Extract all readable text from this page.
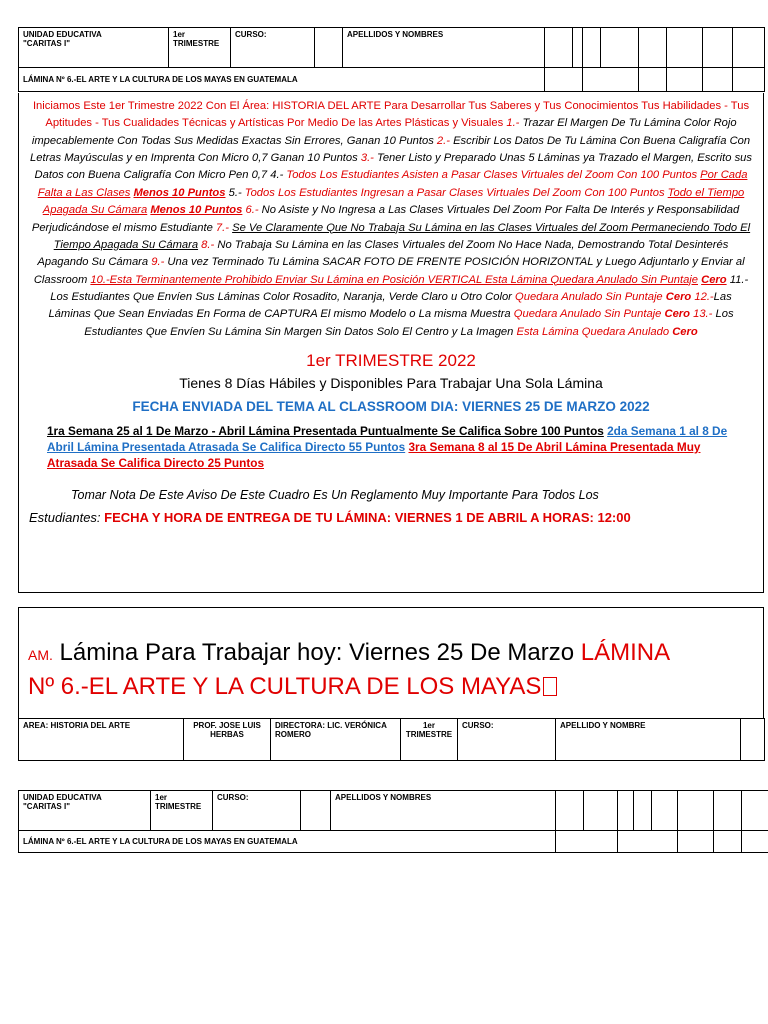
UNIDAD EDUCATIVA
"CARITAS I"	1er TRIMESTRE	CURSO:		APELLIDOS Y NOMBRES								
LÁMINA Nº 6.-EL ARTE Y LA CULTURA DE LOS MAYAS EN GUATEMALA												
Iniciamos Este 1er Trimestre 2022 Con El Área: HISTORIA DEL ARTE Para Desarrollar Tus Saberes y Tus Conocimientos Tus Habilidades - Tus Aptitudes - Tus Cualidades Técnicas y Artísticas Por Medio De las Artes Plásticas y Visuales 1.- Trazar El Margen De Tu Lámina Color Rojo impecablemente Con Todas Sus Medidas Exactas Sin Errores, Ganan 10 Puntos 2.- Escribir Los Datos De Tu Lámina Con Buena Caligrafía Con Letras Mayúsculas y en Imprenta Con Micro 0,7 Ganan 10 Puntos 3.- Tener Listo y Preparado Unas 5 Láminas ya Trazado el Margen, Escrito sus Datos con Buena Caligrafía Con Micro Pen 0,7 4.- Todos Los Estudiantes Asisten a Pasar Clases Virtuales del Zoom Con 100 Puntos Por Cada Falta a Las Clases Menos 10 Puntos 5.- Todos Los Estudiantes Ingresan a Pasar Clases Virtuales Del Zoom Con 100 Puntos Todo el Tiempo Apagada Su Cámara Menos 10 Puntos 6.- No Asiste y No Ingresa a Las Clases Virtuales Del Zoom Por Falta De Interés y Responsabilidad Perjudicándose el mismo Estudiante 7.- Se Ve Claramente Que No Trabaja Su Lámina en las Clases Virtuales del Zoom Permaneciendo Todo El Tiempo Apagada Su Cámara 8.- No Trabaja Su Lámina en las Clases Virtuales del Zoom No Hace Nada, Demostrando Total Desinterés Apagando Su Cámara 9.- Una vez Terminado Tu Lámina SACAR FOTO DE FRENTE POSICIÓN HORIZONTAL y Luego Adjuntarlo y Enviar al Classroom 10.-Esta Terminantemente Prohibido Enviar Su Lámina en Posición VERTICAL Esta Lámina Quedara Anulado Sin Puntaje Cero 11.-Los Estudiantes Que Envíen Sus Láminas Color Rosadito, Naranja, Verde Claro u Otro Color Quedara Anulado Sin Puntaje Cero 12.-Las Láminas Que Sean Enviadas En Forma de CAPTURA El mismo Modelo o La misma Muestra Quedara Anulado Sin Puntaje Cero 13.- Los Estudiantes Que Envíen Su Lámina Sin Margen Sin Datos Solo El Centro y La Imagen Esta Lámina Quedara Anulado Cero
1er TRIMESTRE 2022
Tienes 8 Días Hábiles y Disponibles Para Trabajar Una Sola Lámina
FECHA ENVIADA DEL TEMA AL CLASSROOM DIA: VIERNES 25 DE MARZO 2022
1ra Semana 25 al 1 De Marzo - Abril Lámina Presentada Puntualmente Se Califica Sobre 100 Puntos 2da Semana 1 al 8 De Abril Lámina Presentada Atrasada Se Califica Directo 55 Puntos 3ra Semana 8 al 15 De Abril Lámina Presentada Muy Atrasada Se Califica Directo 25 Puntos
Tomar Nota De Este Aviso De Este Cuadro Es Un Reglamento Muy Importante Para Todos Los
Estudiantes: FECHA Y HORA DE ENTREGA DE TU LÁMINA: VIERNES 1 DE ABRIL A HORAS: 12:00
AM. Lámina Para Trabajar hoy: Viernes 25 De Marzo LÁMINA
Nº 6.-EL ARTE Y LA CULTURA DE LOS MAYAS
AREA: HISTORIA DEL ARTE	PROF. JOSE LUIS HERBAS	DIRECTORA: LIC. VERÓNICA ROMERO	1er TRIMESTRE	CURSO:	APELLIDO Y NOMBRE	
UNIDAD EDUCATIVA
"CARITAS I"	1er TRIMESTRE	CURSO:		APELLIDOS Y NOMBRES									
LÁMINA Nº 6.-EL ARTE Y LA CULTURA DE LOS MAYAS EN GUATEMALA													
